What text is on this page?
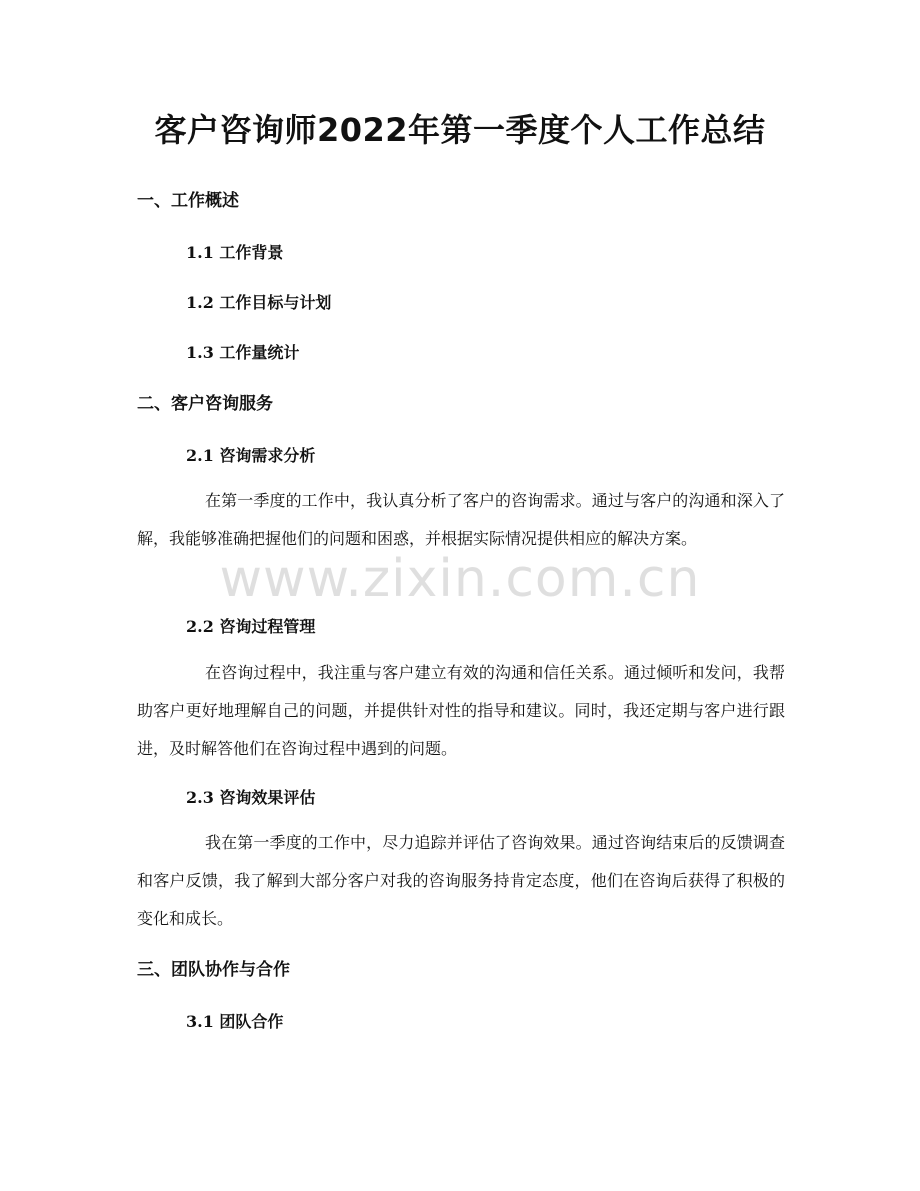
客户咨询师2022年第一季度个人工作总结
一、工作概述
1.1 工作背景
1.2 工作目标与计划
1.3 工作量统计
二、客户咨询服务
2.1 咨询需求分析

在第一季度的工作中，我认真分析了客户的咨询需求。通过与客户的沟通和深入了解，我能够准确把握他们的问题和困惑，并根据实际情况提供相应的解决方案。

2.2 咨询过程管理

在咨询过程中，我注重与客户建立有效的沟通和信任关系。通过倾听和发问，我帮助客户更好地理解自己的问题，并提供针对性的指导和建议。同时，我还定期与客户进行跟进，及时解答他们在咨询过程中遇到的问题。

2.3 咨询效果评估

我在第一季度的工作中，尽力追踪并评估了咨询效果。通过咨询结束后的反馈调查和客户反馈，我了解到大部分客户对我的咨询服务持肯定态度，他们在咨询后获得了积极的变化和成长。

三、团队协作与合作
3.1 团队合作
www.zixin.com.cn
